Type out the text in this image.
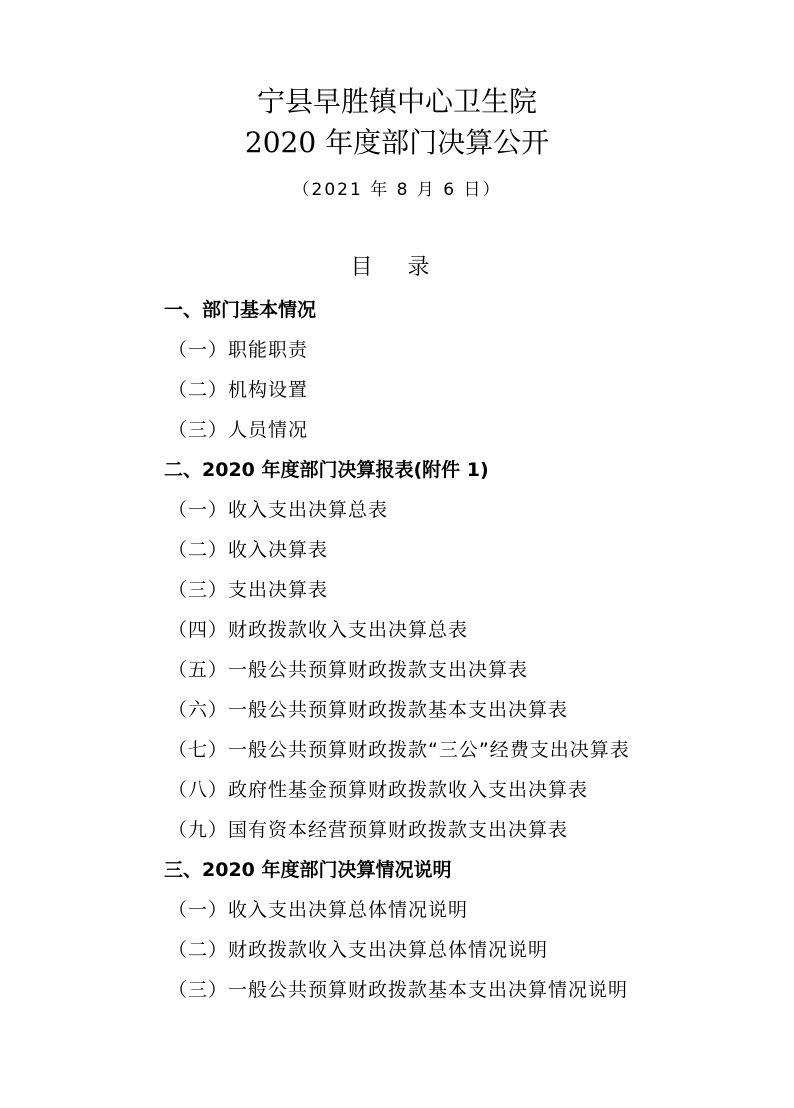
宁县早胜镇中心卫生院
2020 年度部门决算公开
（2021 年 8 月 6 日）
目 录
一、部门基本情况
（一）职能职责
（二）机构设置
（三）人员情况
二、2020 年度部门决算报表(附件 1)
（一）收入支出决算总表
（二）收入决算表
（三）支出决算表
（四）财政拨款收入支出决算总表
（五）一般公共预算财政拨款支出决算表
（六）一般公共预算财政拨款基本支出决算表
（七）一般公共预算财政拨款“三公”经费支出决算表
（八）政府性基金预算财政拨款收入支出决算表
（九）国有资本经营预算财政拨款支出决算表
三、2020 年度部门决算情况说明
（一）收入支出决算总体情况说明
（二）财政拨款收入支出决算总体情况说明
（三）一般公共预算财政拨款基本支出决算情况说明
